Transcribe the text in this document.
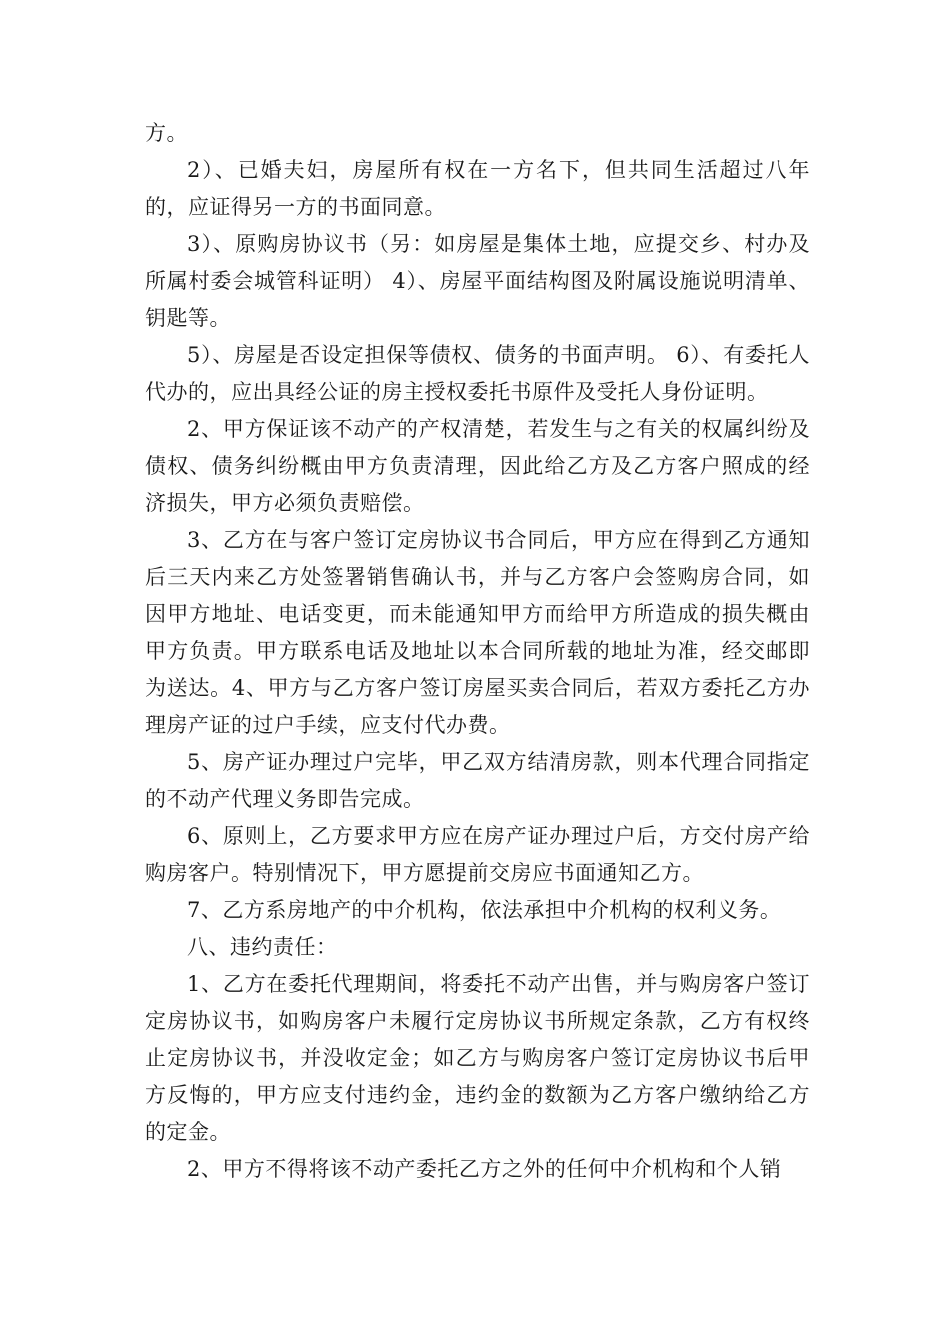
方。

2）、已婚夫妇，房屋所有权在一方名下，但共同生活超过八年的，应证得另一方的书面同意。

3）、原购房协议书（另：如房屋是集体土地，应提交乡、村办及所属村委会城管科证明） 4）、房屋平面结构图及附属设施说明清单、钥匙等。

5）、房屋是否设定担保等债权、债务的书面声明。 6）、有委托人代办的，应出具经公证的房主授权委托书原件及受托人身份证明。

2、甲方保证该不动产的产权清楚，若发生与之有关的权属纠纷及债权、债务纠纷概由甲方负责清理，因此给乙方及乙方客户照成的经济损失，甲方必须负责赔偿。

3、乙方在与客户签订定房协议书合同后，甲方应在得到乙方通知后三天内来乙方处签署销售确认书，并与乙方客户会签购房合同，如因甲方地址、电话变更，而未能通知甲方而给甲方所造成的损失概由甲方负责。甲方联系电话及地址以本合同所载的地址为准，经交邮即为送达。4、甲方与乙方客户签订房屋买卖合同后，若双方委托乙方办理房产证的过户手续，应支付代办费。

5、房产证办理过户完毕，甲乙双方结清房款，则本代理合同指定的不动产代理义务即告完成。

6、原则上，乙方要求甲方应在房产证办理过户后，方交付房产给购房客户。特别情况下，甲方愿提前交房应书面通知乙方。

7、乙方系房地产的中介机构，依法承担中介机构的权利义务。

八、违约责任：

1、乙方在委托代理期间，将委托不动产出售，并与购房客户签订定房协议书，如购房客户未履行定房协议书所规定条款，乙方有权终止定房协议书，并没收定金；如乙方与购房客户签订定房协议书后甲方反悔的，甲方应支付违约金，违约金的数额为乙方客户缴纳给乙方的定金。

2、甲方不得将该不动产委托乙方之外的任何中介机构和个人销
